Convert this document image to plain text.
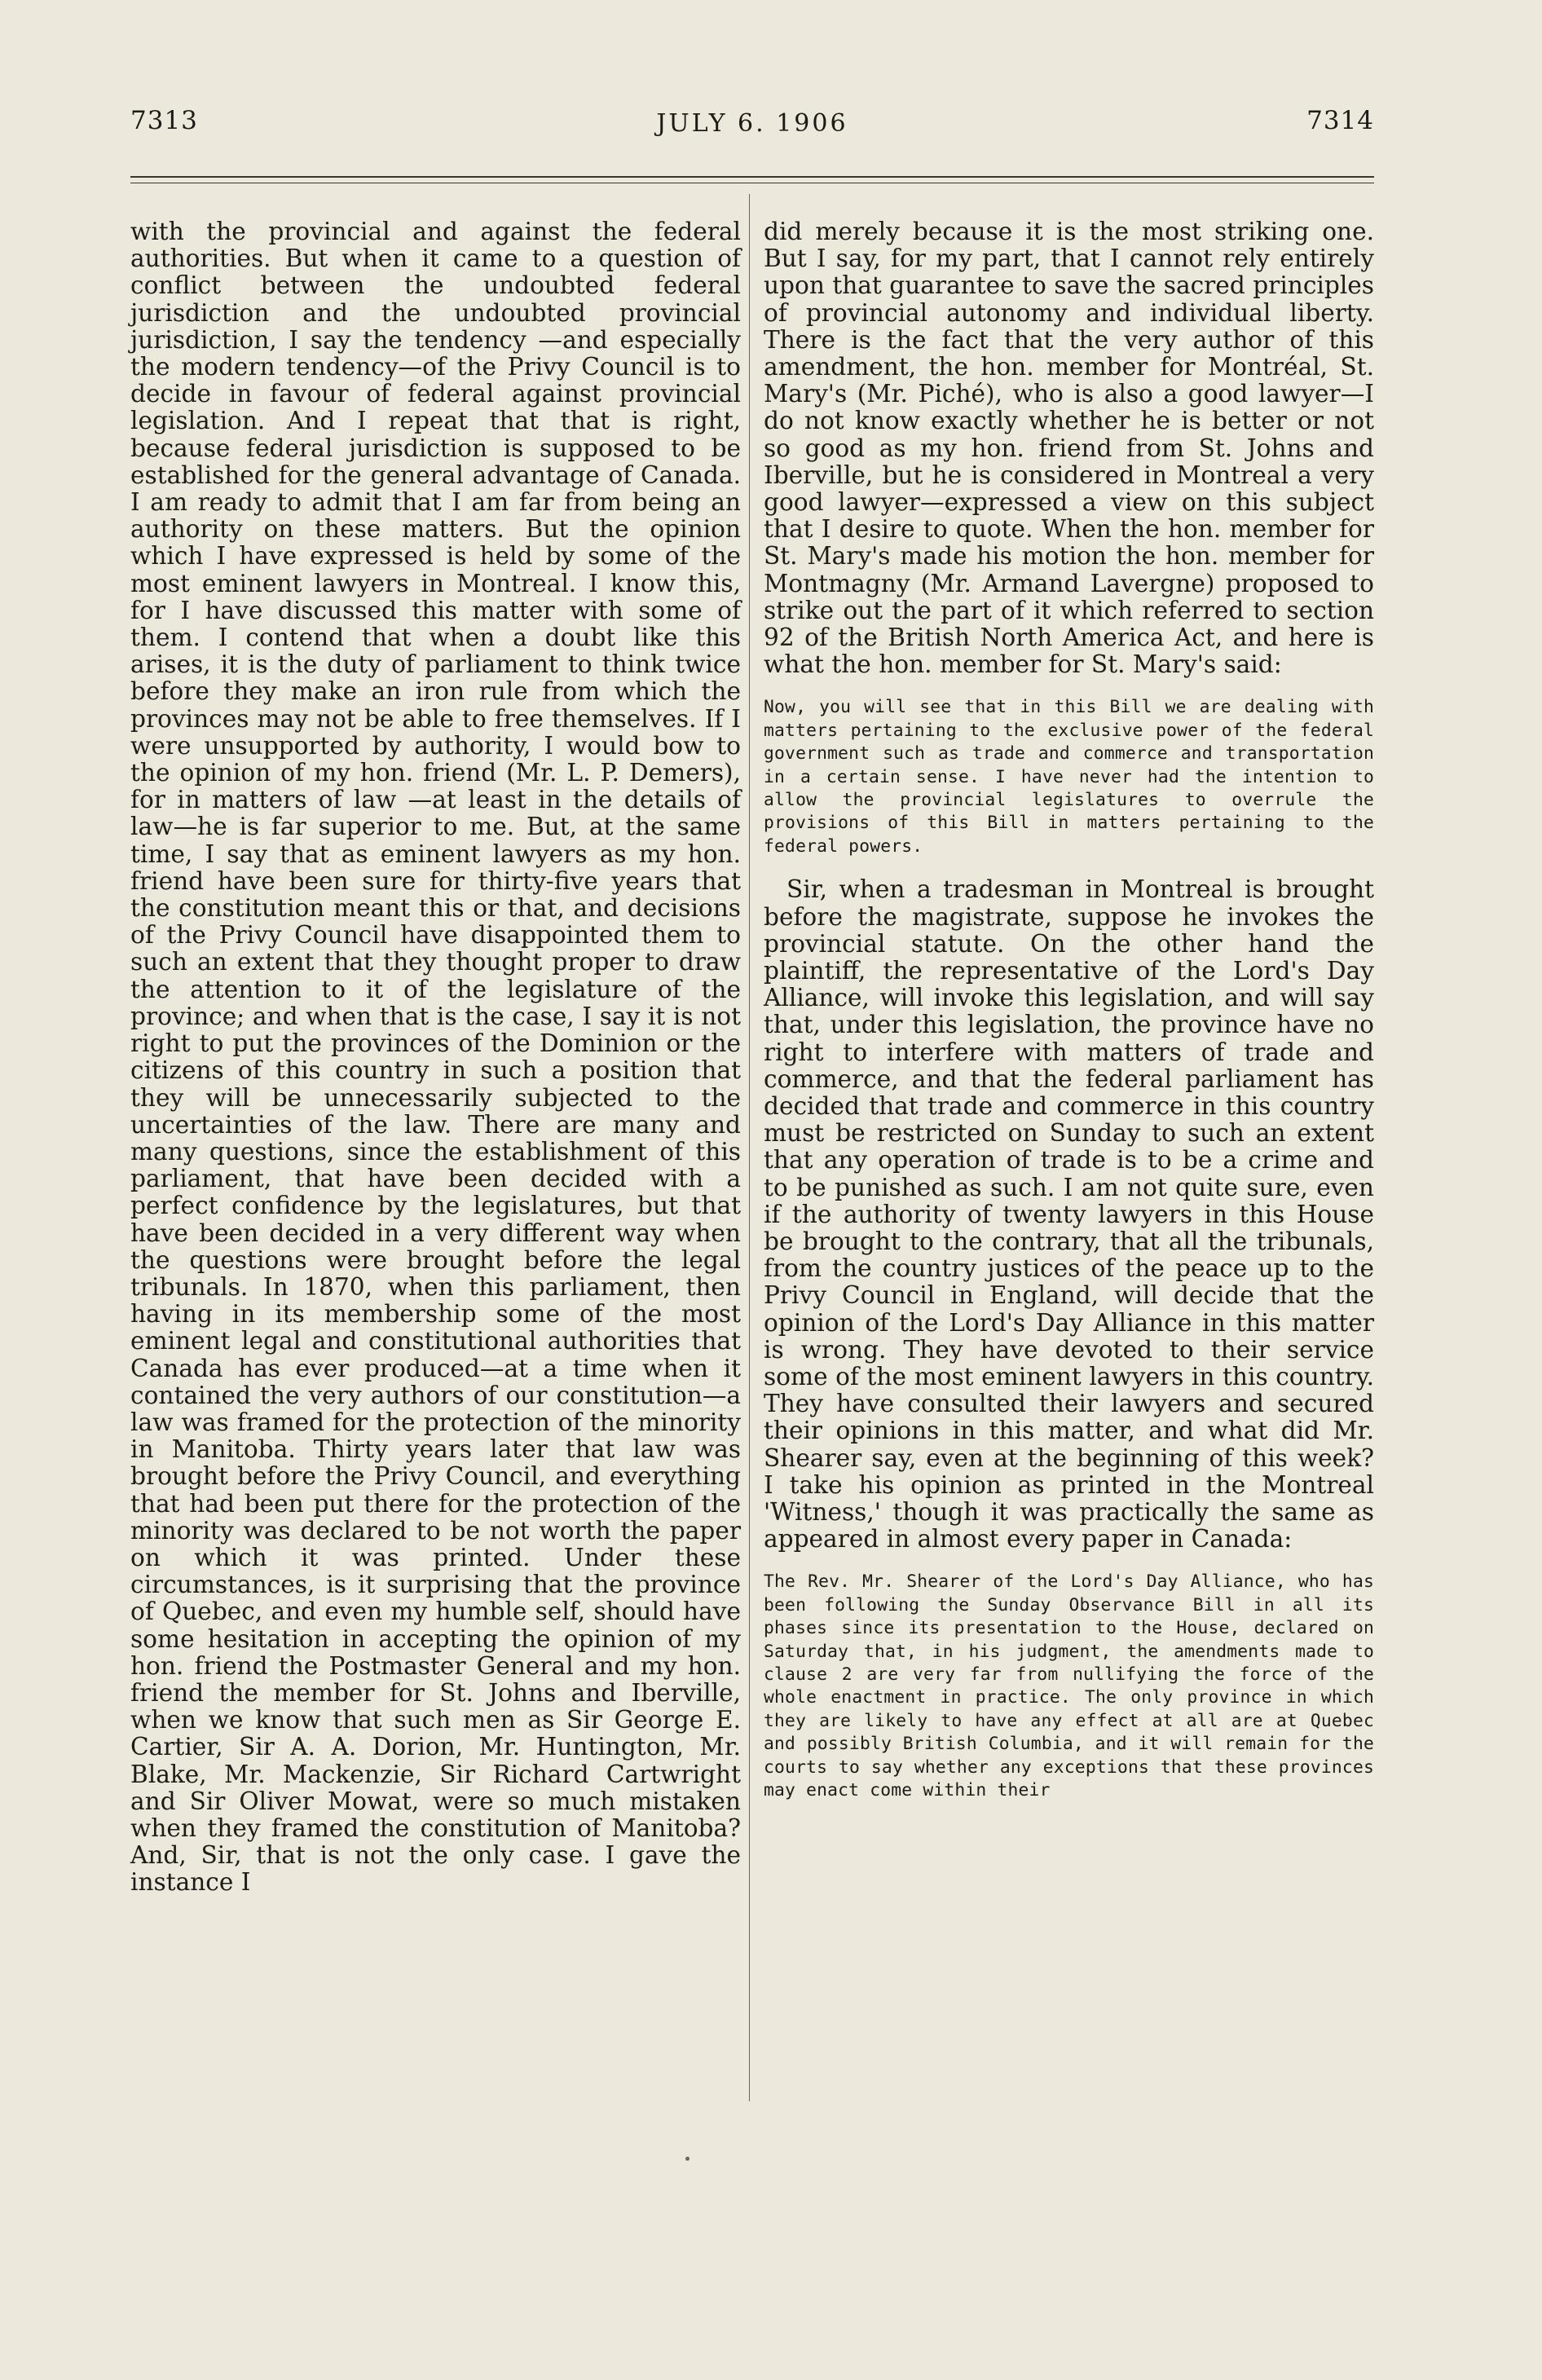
7313	JULY 6. 1906	7314

with the provincial and against the federal authorities. But when it came to a question of conflict between the undoubted federal jurisdiction and the undoubted provincial jurisdiction, I say the tendency —and especially the modern tendency—of the Privy Council is to decide in favour of federal against provincial legislation. And I repeat that that is right, because federal jurisdiction is supposed to be established for the general advantage of Canada. I am ready to admit that I am far from being an authority on these matters. But the opinion which I have expressed is held by some of the most eminent lawyers in Montreal. I know this, for I have discussed this matter with some of them. I contend that when a doubt like this arises, it is the duty of parliament to think twice before they make an iron rule from which the provinces may not be able to free themselves. If I were unsupported by authority, I would bow to the opinion of my hon. friend (Mr. L. P. Demers), for in matters of law —at least in the details of law—he is far superior to me. But, at the same time, I say that as eminent lawyers as my hon. friend have been sure for thirty-five years that the constitution meant this or that, and decisions of the Privy Council have disappointed them to such an extent that they thought proper to draw the attention to it of the legislature of the province; and when that is the case, I say it is not right to put the provinces of the Dominion or the citizens of this country in such a position that they will be unnecessarily subjected to the uncertainties of the law. There are many and many questions, since the establishment of this parliament, that have been decided with a perfect confidence by the legislatures, but that have been decided in a very different way when the questions were brought before the legal tribunals. In 1870, when this parliament, then having in its membership some of the most eminent legal and constitutional authorities that Canada has ever produced—at a time when it contained the very authors of our constitution—a law was framed for the protection of the minority in Manitoba. Thirty years later that law was brought before the Privy Council, and everything that had been put there for the protection of the minority was declared to be not worth the paper on which it was printed. Under these circumstances, is it surprising that the province of Quebec, and even my humble self, should have some hesitation in accepting the opinion of my hon. friend the Postmaster General and my hon. friend the member for St. Johns and Iberville, when we know that such men as Sir George E. Cartier, Sir A. A. Dorion, Mr. Huntington, Mr. Blake, Mr. Mackenzie, Sir Richard Cartwright and Sir Oliver Mowat, were so much mistaken when they framed the constitution of Manitoba? And, Sir, that is not the only case. I gave the instance I

did merely because it is the most striking one. But I say, for my part, that I cannot rely entirely upon that guarantee to save the sacred principles of provincial autonomy and individual liberty. There is the fact that the very author of this amendment, the hon. member for Montréal, St. Mary's (Mr. Piché), who is also a good lawyer—I do not know exactly whether he is better or not so good as my hon. friend from St. Johns and Iberville, but he is considered in Montreal a very good lawyer—expressed a view on this subject that I desire to quote. When the hon. member for St. Mary's made his motion the hon. member for Montmagny (Mr. Armand Lavergne) proposed to strike out the part of it which referred to section 92 of the British North America Act, and here is what the hon. member for St. Mary's said:

Now, you will see that in this Bill we are dealing with matters pertaining to the exclusive power of the federal government such as trade and commerce and transportation in a certain sense. I have never had the intention to allow the provincial legislatures to overrule the provisions of this Bill in matters pertaining to the federal powers.

Sir, when a tradesman in Montreal is brought before the magistrate, suppose he invokes the provincial statute. On the other hand the plaintiff, the representative of the Lord's Day Alliance, will invoke this legislation, and will say that, under this legislation, the province have no right to interfere with matters of trade and commerce, and that the federal parliament has decided that trade and commerce in this country must be restricted on Sunday to such an extent that any operation of trade is to be a crime and to be punished as such. I am not quite sure, even if the authority of twenty lawyers in this House be brought to the contrary, that all the tribunals, from the country justices of the peace up to the Privy Council in England, will decide that the opinion of the Lord's Day Alliance in this matter is wrong. They have devoted to their service some of the most eminent lawyers in this country. They have consulted their lawyers and secured their opinions in this matter, and what did Mr. Shearer say, even at the beginning of this week? I take his opinion as printed in the Montreal 'Witness,' though it was practically the same as appeared in almost every paper in Canada:

The Rev. Mr. Shearer of the Lord's Day Alliance, who has been following the Sunday Observance Bill in all its phases since its presentation to the House, declared on Saturday that, in his judgment, the amendments made to clause 2 are very far from nullifying the force of the whole enactment in practice. The only province in which they are likely to have any effect at all are at Quebec and possibly British Columbia, and it will remain for the courts to say whether any exceptions that these provinces may enact come within their
